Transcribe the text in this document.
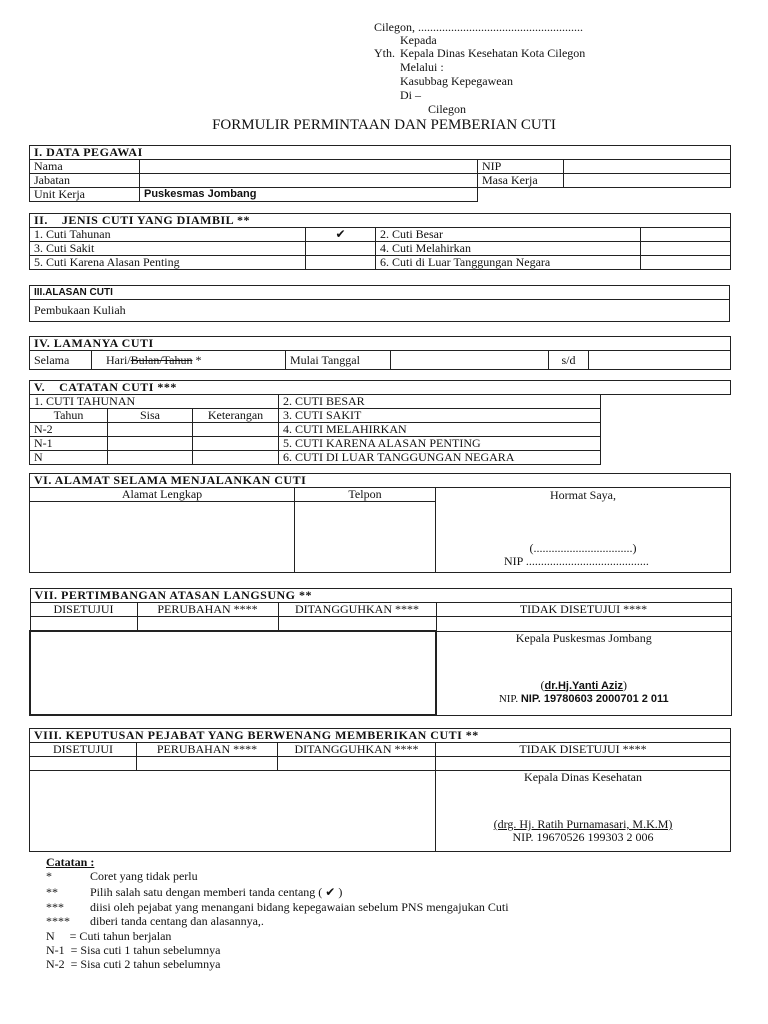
Cilegon, .......................................................
Kepada
Yth. Kepala Dinas Kesehatan Kota Cilegon
Melalui :
Kasubbag Kepegawean
Di –
Cilegon
FORMULIR PERMINTAAN DAN PEMBERIAN CUTI
I. DATA PEGAWAI			
Nama		NIP	
Jabatan		Masa Kerja	
Unit Kerja	Puskesmas Jombang		
II. JENIS CUTI YANG DIAMBIL **			
1. Cuti Tahunan	✔	2. Cuti Besar	
3. Cuti Sakit		4. Cuti Melahirkan	
5. Cuti Karena Alasan Penting		6. Cuti di Luar Tanggungan Negara	
III.ALASAN CUTI
Pembukaan Kuliah
IV. LAMANYA CUTI
Selama	Hari/Bulan/Tahun *	Mulai Tanggal		s/d	
V. CATATAN CUTI ***				
1. CUTI TAHUNAN			2. CUTI BESAR	
Tahun	Sisa	Keterangan	3. CUTI SAKIT	
N-2			4. CUTI MELAHIRKAN	
N-1			5. CUTI KARENA ALASAN PENTING	
N			6. CUTI DI LUAR TANGGUNGAN NEGARA	
VI. ALAMAT SELAMA MENJALANKAN CUTI		
Alamat Lengkap	Telpon	Hormat Saya,
(.................................)
NIP .........................................

VII. PERTIMBANGAN ATASAN LANGSUNG **			
DISETUJUI	PERUBAHAN ****	DITANGGUHKAN ****	TIDAK DISETUJUI ****

			Kepala Puskesmas Jombang
(dr.Hj.Yanti Aziz)
NIP. NIP. 19780603 2000701 2 011
VIII. KEPUTUSAN PEJABAT YANG BERWENANG MEMBERIKAN CUTI **			
DISETUJUI	PERUBAHAN ****	DITANGGUHKAN ****	TIDAK DISETUJUI ****

			Kepala Dinas Kesehatan
(drg. Hj. Ratih Purnamasari, M.K.M)
NIP. 19670526 199303 2 006
Catatan :
*	Coret yang tidak perlu
**	Pilih salah satu dengan memberi tanda centang ( ✔ )
*** diisi oleh pejabat yang menangani bidang kepegawaian sebelum PNS mengajukan Cuti
**** diberi tanda centang dan alasannya,.
N     = Cuti tahun berjalan
N-1  = Sisa cuti 1 tahun sebelumnya
N-2  = Sisa cuti 2 tahun sebelumnya
